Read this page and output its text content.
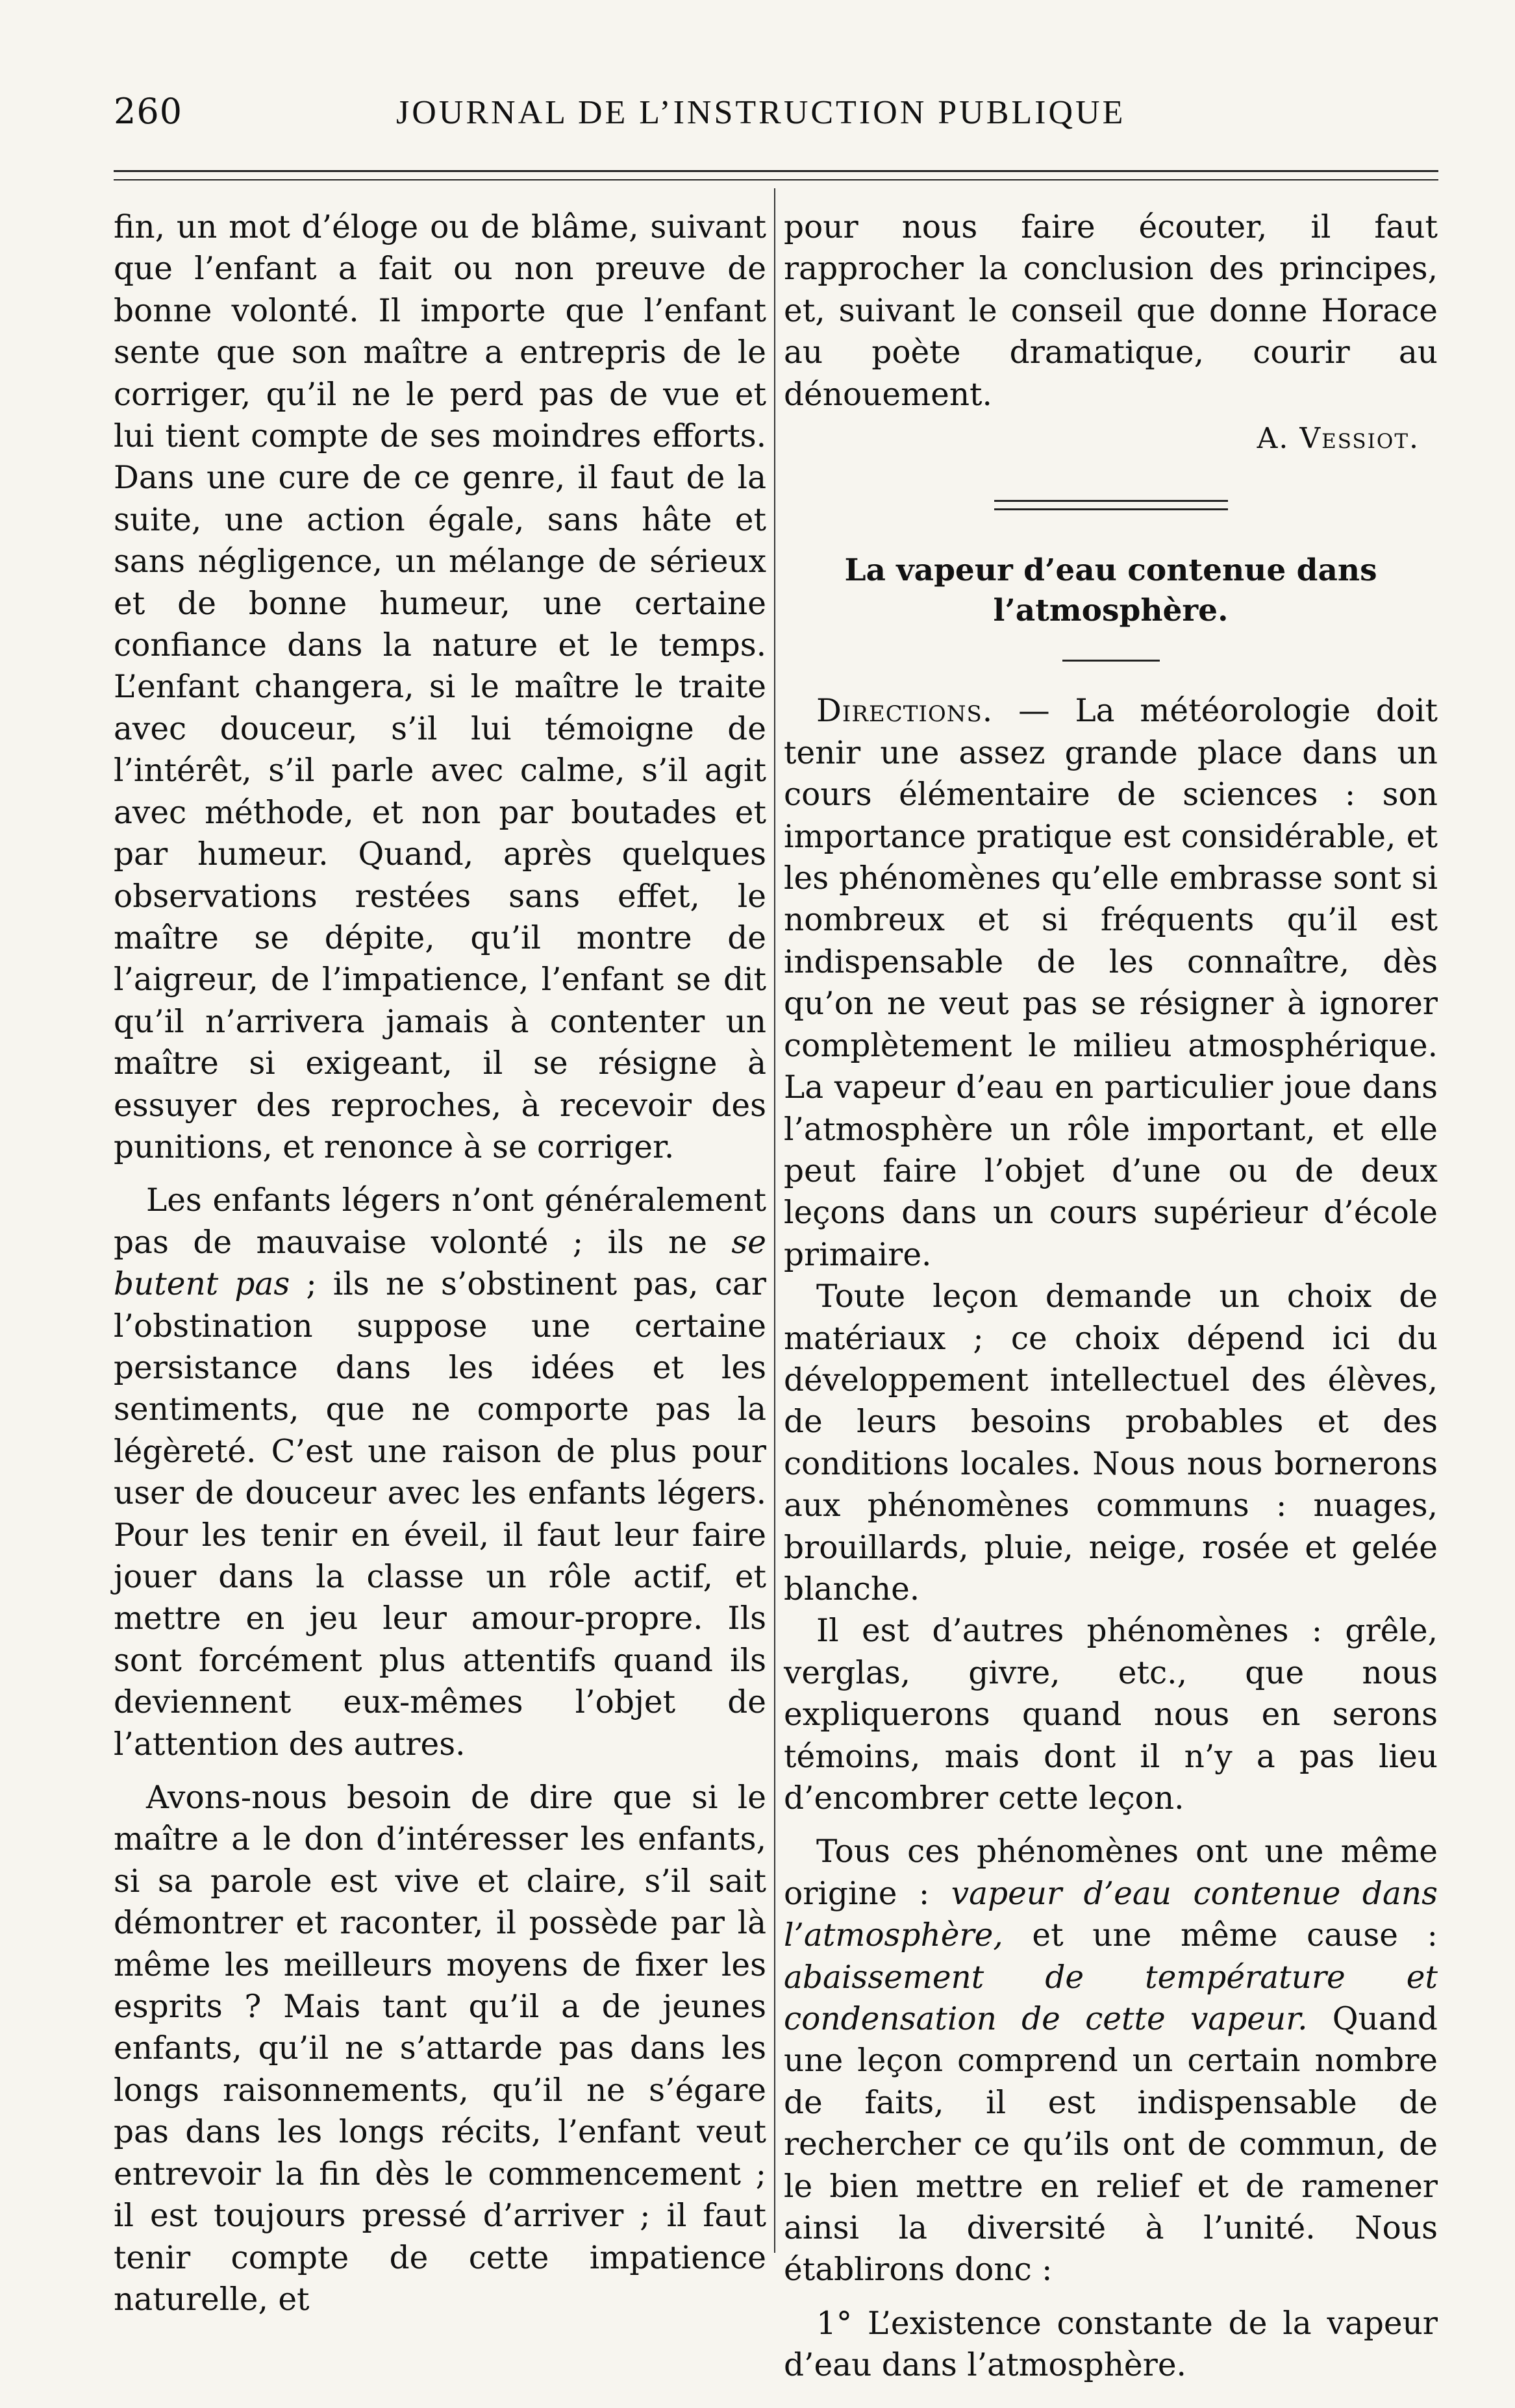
260	JOURNAL DE L’INSTRUCTION PUBLIQUE

fin, un mot d’éloge ou de blâme, suivant que l’enfant a fait ou non preuve de bonne volonté. Il importe que l’enfant sente que son maître a entrepris de le corriger, qu’il ne le perd pas de vue et lui tient compte de ses moindres efforts. Dans une cure de ce genre, il faut de la suite, une action égale, sans hâte et sans négligence, un mélange de sérieux et de bonne humeur, une certaine confiance dans la nature et le temps. L’enfant changera, si le maître le traite avec douceur, s’il lui témoigne de l’intérêt, s’il parle avec calme, s’il agit avec méthode, et non par boutades et par humeur. Quand, après quelques observations restées sans effet, le maître se dépite, qu’il montre de l’aigreur, de l’impatience, l’enfant se dit qu’il n’arrivera jamais à contenter un maître si exigeant, il se résigne à essuyer des reproches, à recevoir des punitions, et renonce à se corriger.

Les enfants légers n’ont généralement pas de mauvaise volonté ; ils ne se butent pas ; ils ne s’obstinent pas, car l’obstination suppose une certaine persistance dans les idées et les sentiments, que ne comporte pas la légèreté. C’est une raison de plus pour user de douceur avec les enfants légers. Pour les tenir en éveil, il faut leur faire jouer dans la classe un rôle actif, et mettre en jeu leur amour-propre. Ils sont forcément plus attentifs quand ils deviennent eux-mêmes l’objet de l’attention des autres.

Avons-nous besoin de dire que si le maître a le don d’intéresser les enfants, si sa parole est vive et claire, s’il sait démontrer et raconter, il possède par là même les meilleurs moyens de fixer les esprits ? Mais tant qu’il a de jeunes enfants, qu’il ne s’attarde pas dans les longs raisonnements, qu’il ne s’égare pas dans les longs récits, l’enfant veut entrevoir la fin dès le commencement ; il est toujours pressé d’arriver ; il faut tenir compte de cette impatience naturelle, et

pour nous faire écouter, il faut rapprocher la conclusion des principes, et, suivant le conseil que donne Horace au poète dramatique, courir au dénouement.

A. Vessiot.

La vapeur d’eau contenue dans l’atmosphère.

Directions. — La météorologie doit tenir une assez grande place dans un cours élémentaire de sciences : son importance pratique est considérable, et les phénomènes qu’elle embrasse sont si nombreux et si fréquents qu’il est indispensable de les connaître, dès qu’on ne veut pas se résigner à ignorer complètement le milieu atmosphérique. La vapeur d’eau en particulier joue dans l’atmosphère un rôle important, et elle peut faire l’objet d’une ou de deux leçons dans un cours supérieur d’école primaire.

Toute leçon demande un choix de matériaux ; ce choix dépend ici du développement intellectuel des élèves, de leurs besoins probables et des conditions locales. Nous nous bornerons aux phénomènes communs : nuages, brouillards, pluie, neige, rosée et gelée blanche.

Il est d’autres phénomènes : grêle, verglas, givre, etc., que nous expliquerons quand nous en serons témoins, mais dont il n’y a pas lieu d’encombrer cette leçon.

Tous ces phénomènes ont une même origine : vapeur d’eau contenue dans l’atmosphère, et une même cause : abaissement de température et condensation de cette vapeur. Quand une leçon comprend un certain nombre de faits, il est indispensable de rechercher ce qu’ils ont de commun, de le bien mettre en relief et de ramener ainsi la diversité à l’unité. Nous établirons donc :

1° L’existence constante de la vapeur d’eau dans l’atmosphère.
